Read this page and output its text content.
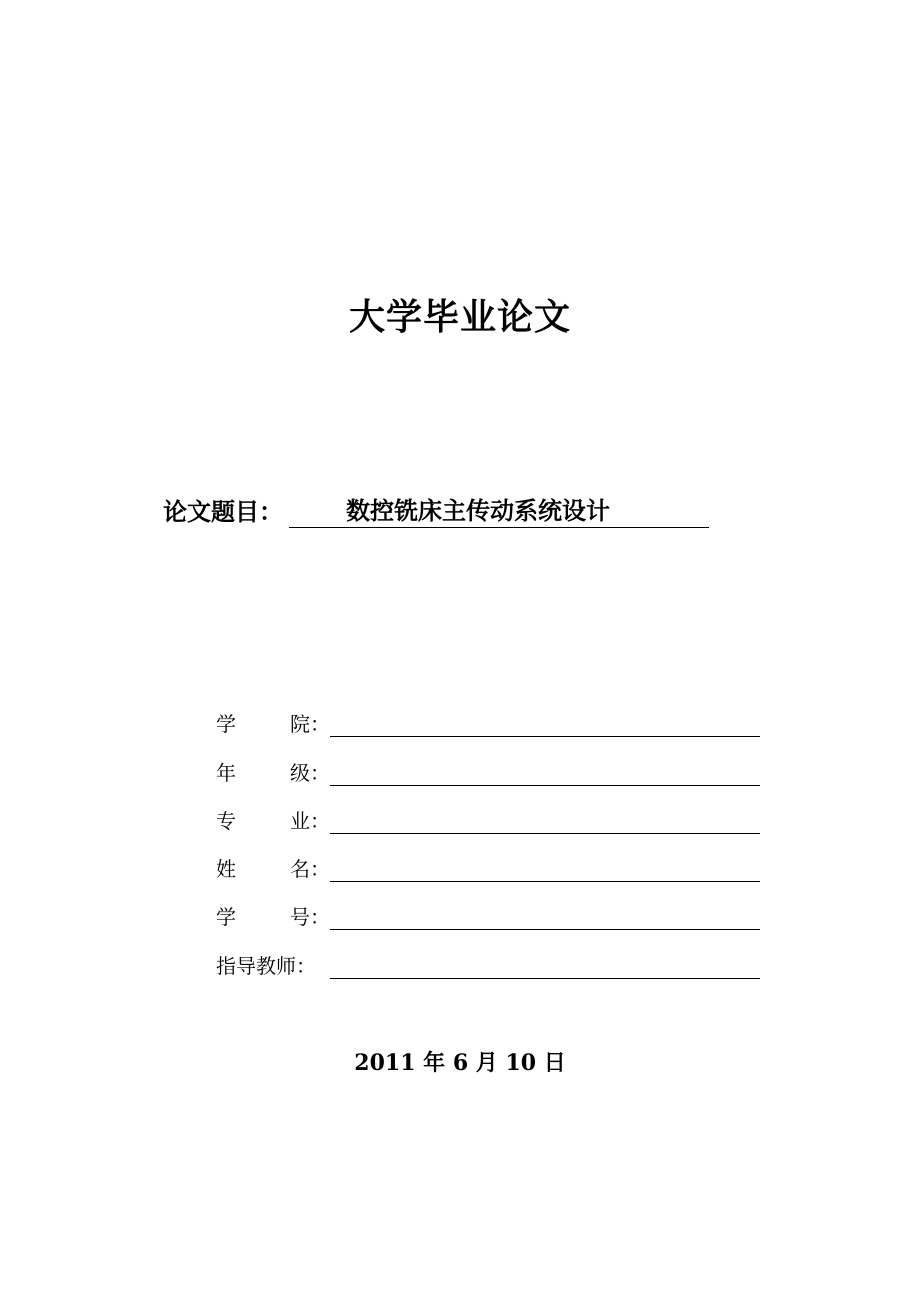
大学毕业论文
论文题目：	数控铣床主传动系统设计
学	院：
年	级：
专	业：
姓	名：
学	号：
指导教师：
2011 年 6 月 10 日
